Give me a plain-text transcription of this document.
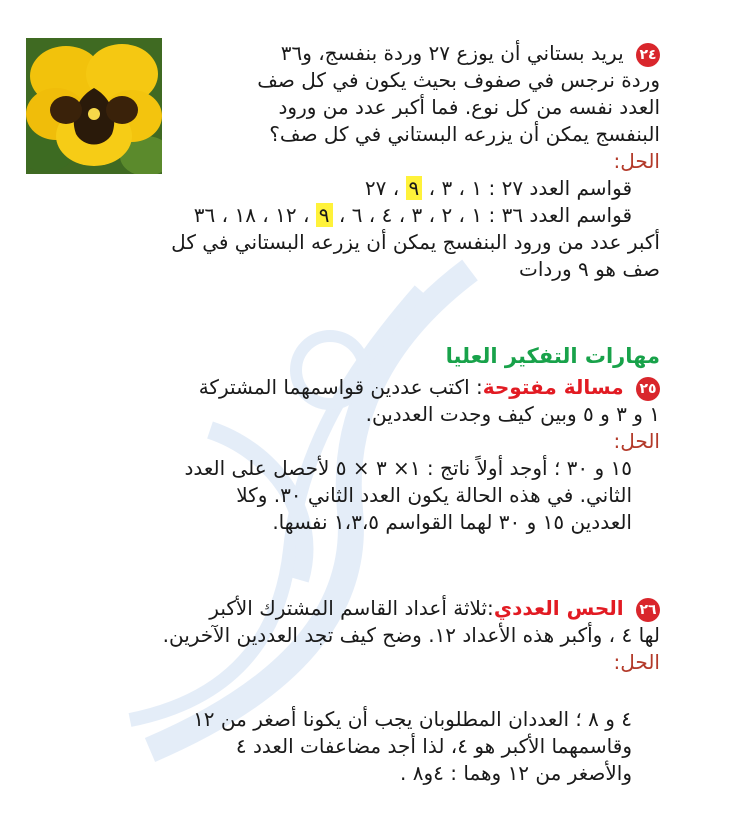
٢٤ يريد بستاني أن يوزع ٢٧ وردة بنفسج، و٣٦
وردة نرجس في صفوف بحيث يكون في كل صف
العدد نفسه من كل نوع. فما أكبر عدد من ورود
البنفسج يمكن أن يزرعه البستاني في كل صف؟
الحل:
قواسم العدد ٢٧ : ١ ، ٣ ، ٩ ، ٢٧
قواسم العدد ٣٦ : ١ ، ٢ ، ٣ ، ٤ ، ٦ ، ٩ ، ١٢ ، ١٨ ، ٣٦
أكبر عدد من ورود البنفسج يمكن أن يزرعه البستاني في كل
صف هو ٩ وردات
مهارات التفكير العليا
٢٥ مسالة مفتوحة: اكتب عددين قواسمهما المشتركة
١ و ٣ و ٥ وبين كيف وجدت العددين.
الحل:
١٥ و ٣٠ ؛ أوجد أولاً ناتج : ١× ٣ × ٥ لأحصل على العدد
الثاني. في هذه الحالة يكون العدد الثاني ٣٠. وكلا
العددين ١٥ و ٣٠ لهما القواسم ١،٣،٥ نفسها.
٢٦ الحس العددي:ثلاثة أعداد القاسم المشترك الأكبر
لها ٤ ، وأكبر هذه الأعداد ١٢. وضح كيف تجد العددين الآخرين.
الحل:
٤ و ٨ ؛ العددان المطلوبان يجب أن يكونا أصغر من ١٢
وقاسمهما الأكبر هو ٤، لذا أجد مضاعفات العدد ٤
والأصغر من ١٢ وهما : ٤و٨ .
